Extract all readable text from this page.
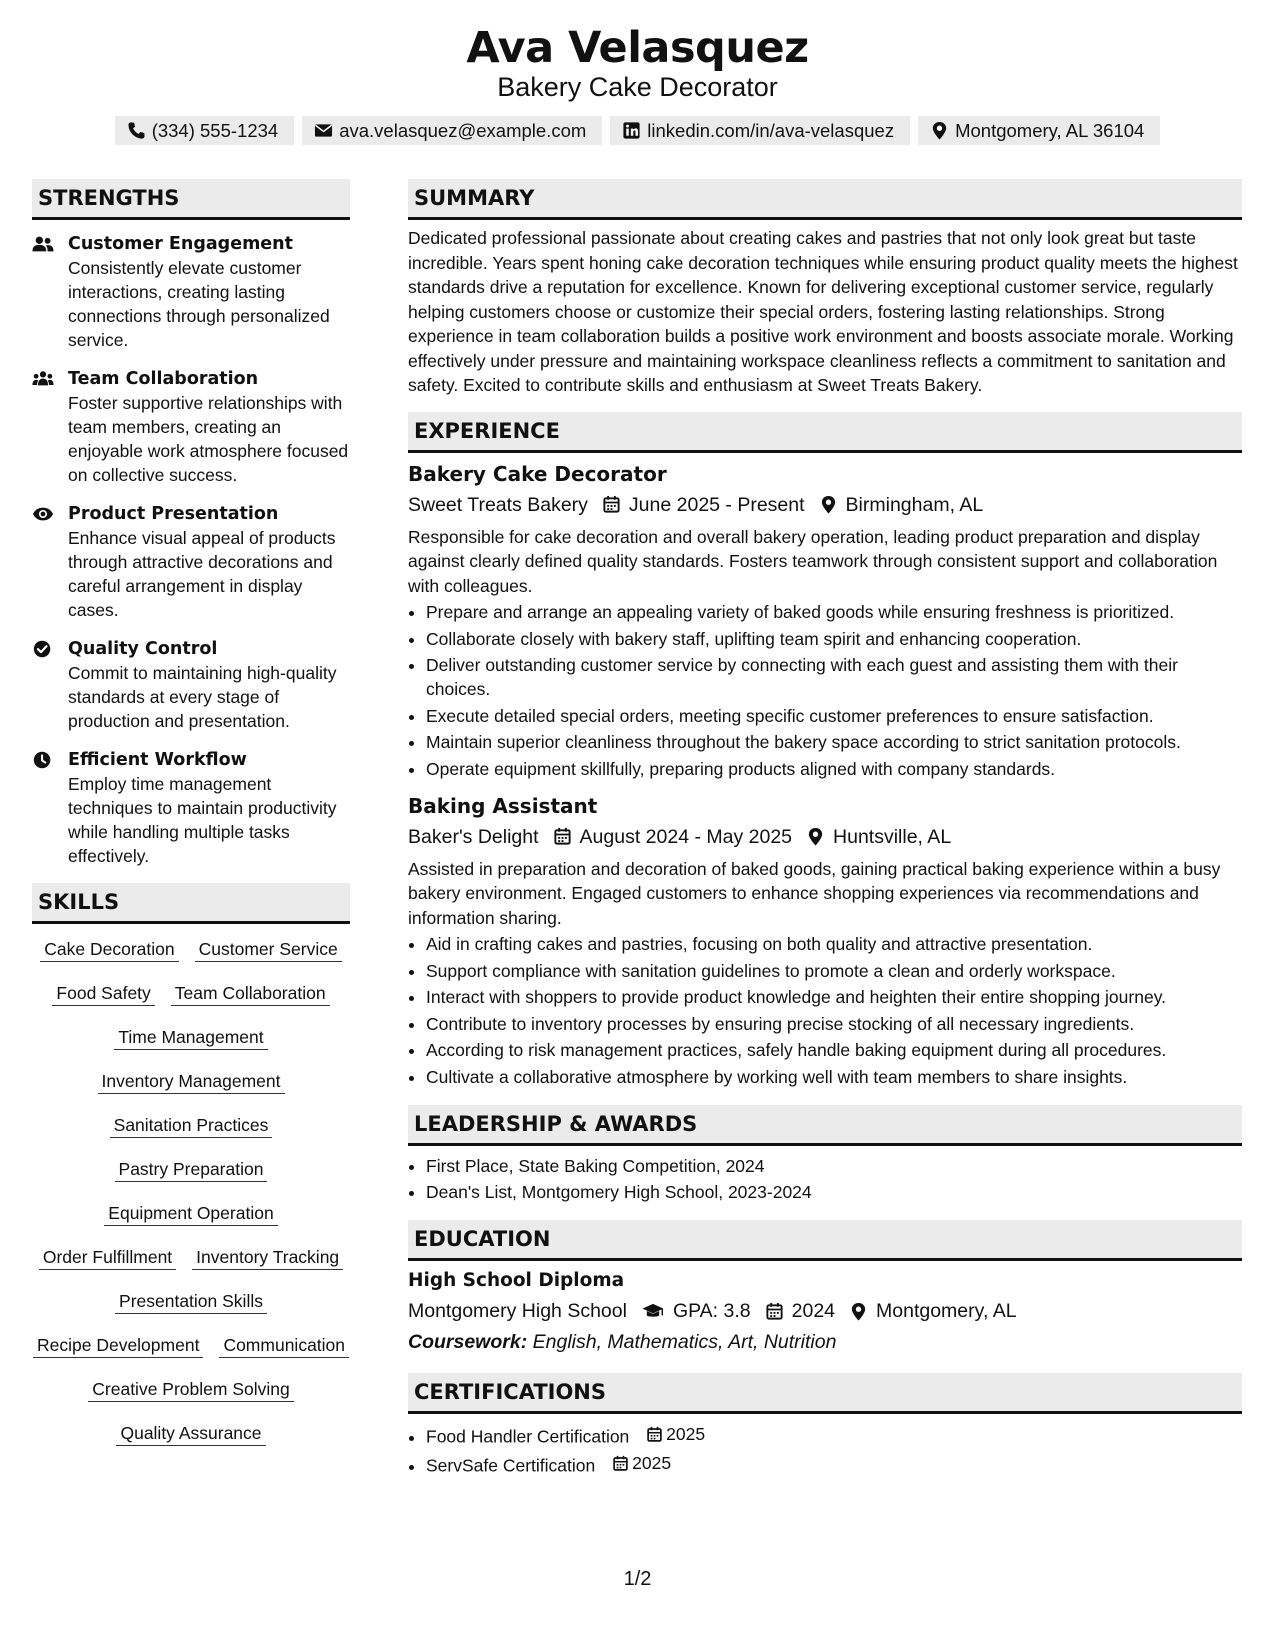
Ava Velasquez
Bakery Cake Decorator
(334) 555-1234	ava.velasquez@example.com	linkedin.com/in/ava-velasquez	Montgomery, AL 36104
STRENGTHS
Customer Engagement
Consistently elevate customer interactions, creating lasting connections through personalized service.
Team Collaboration
Foster supportive relationships with team members, creating an enjoyable work atmosphere focused on collective success.
Product Presentation
Enhance visual appeal of products through attractive decorations and careful arrangement in display cases.
Quality Control
Commit to maintaining high-quality standards at every stage of production and presentation.
Efficient Workflow
Employ time management techniques to maintain productivity while handling multiple tasks effectively.
SKILLS
Cake Decoration Customer Service
Food Safety Team Collaboration
Time Management
Inventory Management
Sanitation Practices
Pastry Preparation
Equipment Operation
Order Fulfillment Inventory Tracking
Presentation Skills
Recipe Development Communication
Creative Problem Solving
Quality Assurance
SUMMARY
Dedicated professional passionate about creating cakes and pastries that not only look great but taste incredible. Years spent honing cake decoration techniques while ensuring product quality meets the highest standards drive a reputation for excellence. Known for delivering exceptional customer service, regularly helping customers choose or customize their special orders, fostering lasting relationships. Strong experience in team collaboration builds a positive work environment and boosts associate morale. Working effectively under pressure and maintaining workspace cleanliness reflects a commitment to sanitation and safety. Excited to contribute skills and enthusiasm at Sweet Treats Bakery.
EXPERIENCE
Bakery Cake Decorator
Sweet Treats Bakery June 2025 - Present Birmingham, AL
Responsible for cake decoration and overall bakery operation, leading product preparation and display against clearly defined quality standards. Fosters teamwork through consistent support and collaboration with colleagues.
• Prepare and arrange an appealing variety of baked goods while ensuring freshness is prioritized.
• Collaborate closely with bakery staff, uplifting team spirit and enhancing cooperation.
• Deliver outstanding customer service by connecting with each guest and assisting them with their choices.
• Execute detailed special orders, meeting specific customer preferences to ensure satisfaction.
• Maintain superior cleanliness throughout the bakery space according to strict sanitation protocols.
• Operate equipment skillfully, preparing products aligned with company standards.
Baking Assistant
Baker's Delight August 2024 - May 2025 Huntsville, AL
Assisted in preparation and decoration of baked goods, gaining practical baking experience within a busy bakery environment. Engaged customers to enhance shopping experiences via recommendations and information sharing.
• Aid in crafting cakes and pastries, focusing on both quality and attractive presentation.
• Support compliance with sanitation guidelines to promote a clean and orderly workspace.
• Interact with shoppers to provide product knowledge and heighten their entire shopping journey.
• Contribute to inventory processes by ensuring precise stocking of all necessary ingredients.
• According to risk management practices, safely handle baking equipment during all procedures.
• Cultivate a collaborative atmosphere by working well with team members to share insights.
LEADERSHIP & AWARDS
• First Place, State Baking Competition, 2024
• Dean's List, Montgomery High School, 2023-2024
EDUCATION
High School Diploma
Montgomery High School GPA: 3.8 2024 Montgomery, AL
Coursework: English, Mathematics, Art, Nutrition
CERTIFICATIONS
• Food Handler Certification 2025
• ServSafe Certification 2025
1/2
